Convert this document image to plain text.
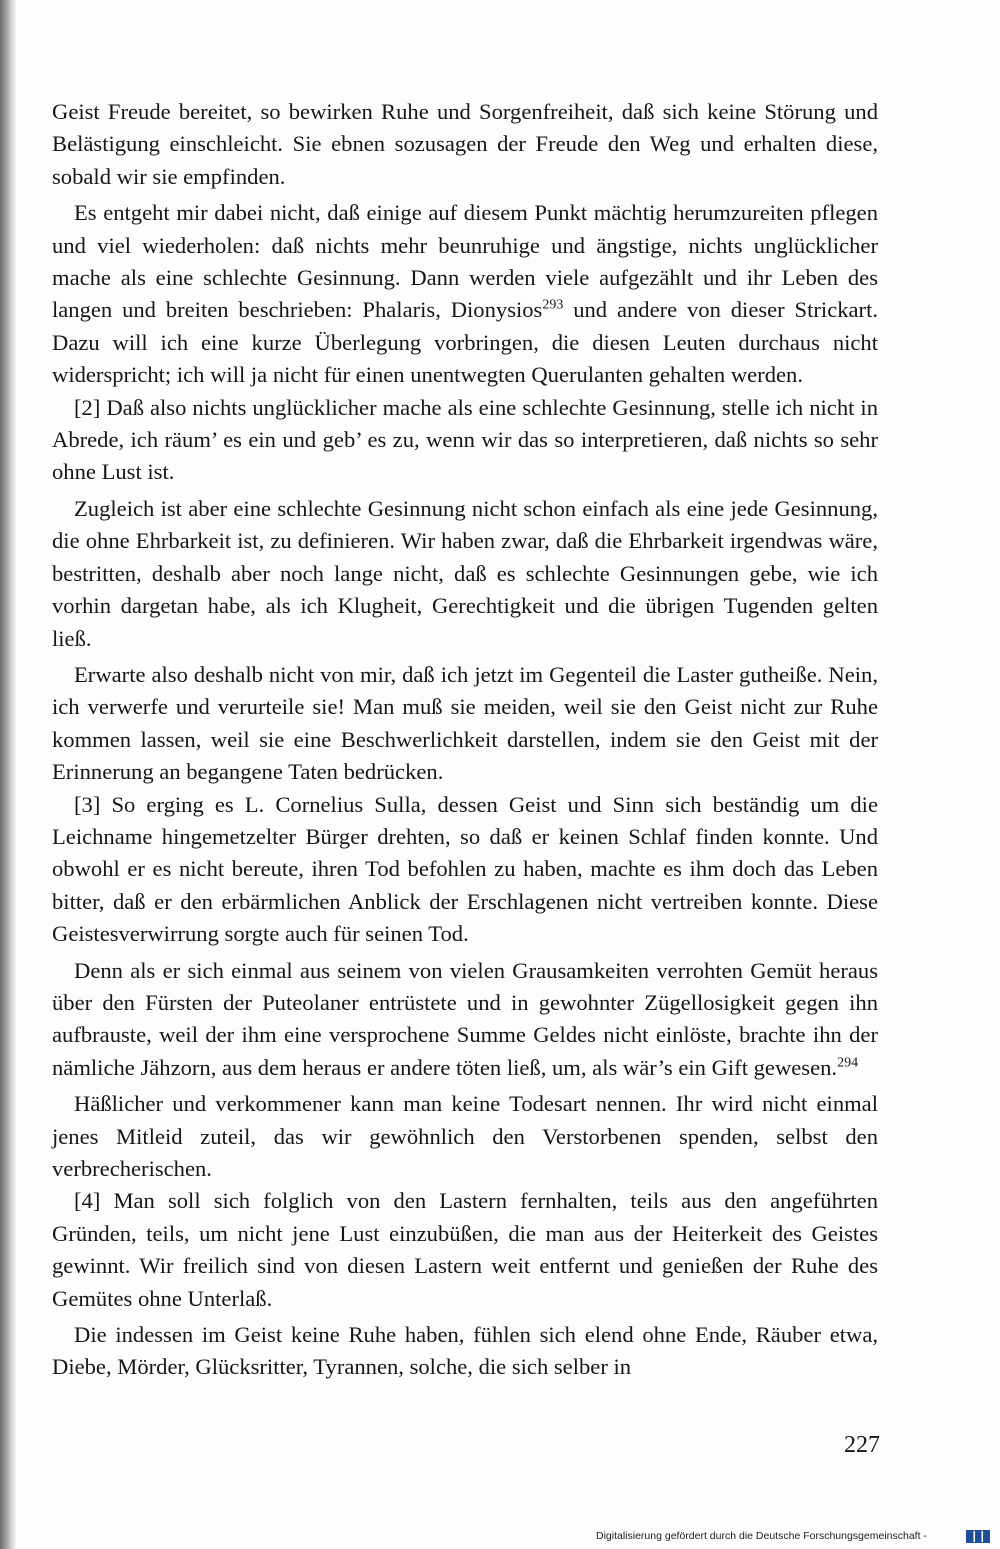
Geist Freude bereitet, so bewirken Ruhe und Sorgenfreiheit, daß sich keine Störung und Belästigung einschleicht. Sie ebnen sozusagen der Freude den Weg und erhalten diese, sobald wir sie empfinden.

Es entgeht mir dabei nicht, daß einige auf diesem Punkt mächtig herumzureiten pflegen und viel wiederholen: daß nichts mehr beunruhige und ängstige, nichts unglücklicher mache als eine schlechte Gesinnung. Dann werden viele aufgezählt und ihr Leben des langen und breiten beschrieben: Phalaris, Dionysios$^{293}$ und andere von dieser Strickart. Dazu will ich eine kurze Überlegung vorbringen, die diesen Leuten durchaus nicht widerspricht; ich will ja nicht für einen unentwegten Querulanten gehalten werden.

[2] Daß also nichts unglücklicher mache als eine schlechte Gesinnung, stelle ich nicht in Abrede, ich räum’ es ein und geb’ es zu, wenn wir das so interpretieren, daß nichts so sehr ohne Lust ist.

Zugleich ist aber eine schlechte Gesinnung nicht schon einfach als eine jede Gesinnung, die ohne Ehrbarkeit ist, zu definieren. Wir haben zwar, daß die Ehrbarkeit irgendwas wäre, bestritten, deshalb aber noch lange nicht, daß es schlechte Gesinnungen gebe, wie ich vorhin dargetan habe, als ich Klugheit, Gerechtigkeit und die übrigen Tugenden gelten ließ.

Erwarte also deshalb nicht von mir, daß ich jetzt im Gegenteil die Laster gutheiße. Nein, ich verwerfe und verurteile sie! Man muß sie meiden, weil sie den Geist nicht zur Ruhe kommen lassen, weil sie eine Beschwerlichkeit darstellen, indem sie den Geist mit der Erinnerung an begangene Taten bedrücken.

[3] So erging es L. Cornelius Sulla, dessen Geist und Sinn sich beständig um die Leichname hingemetzelter Bürger drehten, so daß er keinen Schlaf finden konnte. Und obwohl er es nicht bereute, ihren Tod befohlen zu haben, machte es ihm doch das Leben bitter, daß er den erbärmlichen Anblick der Erschlagenen nicht vertreiben konnte. Diese Geistesverwirrung sorgte auch für seinen Tod.

Denn als er sich einmal aus seinem von vielen Grausamkeiten verrohten Gemüt heraus über den Fürsten der Puteolaner entrüstete und in gewohnter Zügellosigkeit gegen ihn aufbrauste, weil der ihm eine versprochene Summe Geldes nicht einlöste, brachte ihn der nämliche Jähzorn, aus dem heraus er andere töten ließ, um, als wär’s ein Gift gewesen.$^{294}$

Häßlicher und verkommener kann man keine Todesart nennen. Ihr wird nicht einmal jenes Mitleid zuteil, das wir gewöhnlich den Verstorbenen spenden, selbst den verbrecherischen.

[4] Man soll sich folglich von den Lastern fernhalten, teils aus den angeführten Gründen, teils, um nicht jene Lust einzubüßen, die man aus der Heiterkeit des Geistes gewinnt. Wir freilich sind von diesen Lastern weit entfernt und genießen der Ruhe des Gemütes ohne Unterlaß.

Die indessen im Geist keine Ruhe haben, fühlen sich elend ohne Ende, Räuber etwa, Diebe, Mörder, Glücksritter, Tyrannen, solche, die sich selber in

227
Digitalisierung gefördert durch die Deutsche Forschungsgemeinschaft -
